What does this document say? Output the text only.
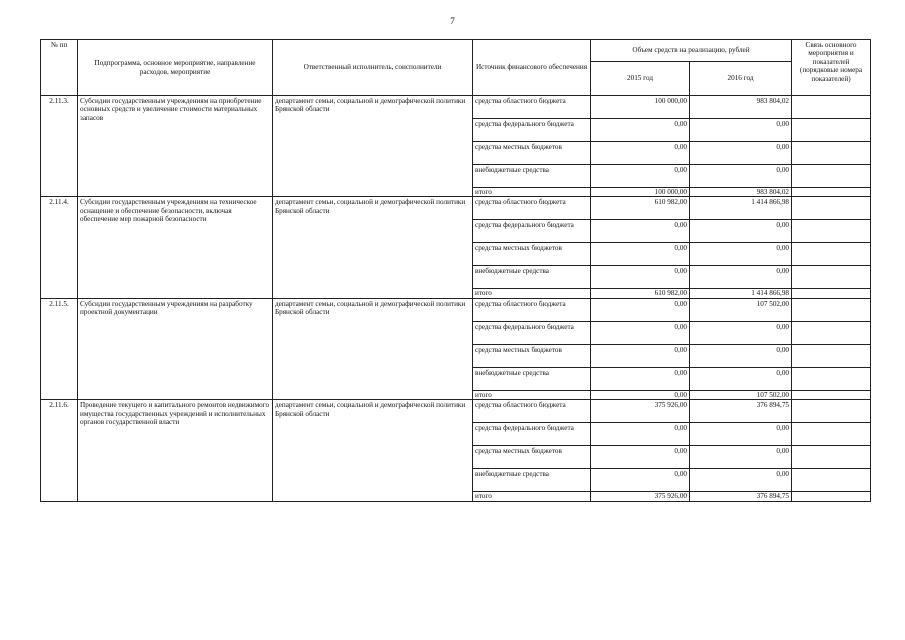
7
№ пп	Подпрограмма, основное мероприятие, направление расходов, мероприятие	Ответственный исполнитель, соисполнители	Источник финансового обеспечения	Объем средств на реализацию, рублей		Связь основного мероприятия и показателей (порядковые номера показателей)
				2015 год	2016 год	
2.11.3.	Субсидии государственным учреждениям на приобретение основных средств и увеличение стоимости материальных запасов	департамент семьи, социальной и демографической политики Брянской области	средства областного бюджета	100 000,00	983 804,02	
			средства федерального бюджета	0,00	0,00	
			средства местных бюджетов	0,00	0,00	
			внебюджетные средства	0,00	0,00	
			итого	100 000,00	983 804,02	
2.11.4.	Субсидии государственным учреждениям на техническое оснащение и обеспечение безопасности, включая обеспечение мер пожарной безопасности	департамент семьи, социальной и демографической политики Брянской области	средства областного бюджета	610 982,00	1 414 866,98	
			средства федерального бюджета	0,00	0,00	
			средства местных бюджетов	0,00	0,00	
			внебюджетные средства	0,00	0,00	
			итого	610 982,00	1 414 866,98	
2.11.5.	Субсидии государственным учреждениям на разработку проектной документации	департамент семьи, социальной и демографической политики Брянской области	средства областного бюджета	0,00	107 502,00	
			средства федерального бюджета	0,00	0,00	
			средства местных бюджетов	0,00	0,00	
			внебюджетные средства	0,00	0,00	
			итого	0,00	107 502,00	
2.11.6.	Проведение текущего и капитального ремонтов недвижимого имущества государственных учреждений и исполнительных органов государственной власти	департамент семьи, социальной и демографической политики Брянской области	средства областного бюджета	375 926,00	376 894,75	
			средства федерального бюджета	0,00	0,00	
			средства местных бюджетов	0,00	0,00	
			внебюджетные средства	0,00	0,00	
			итого	375 926,00	376 894,75	
